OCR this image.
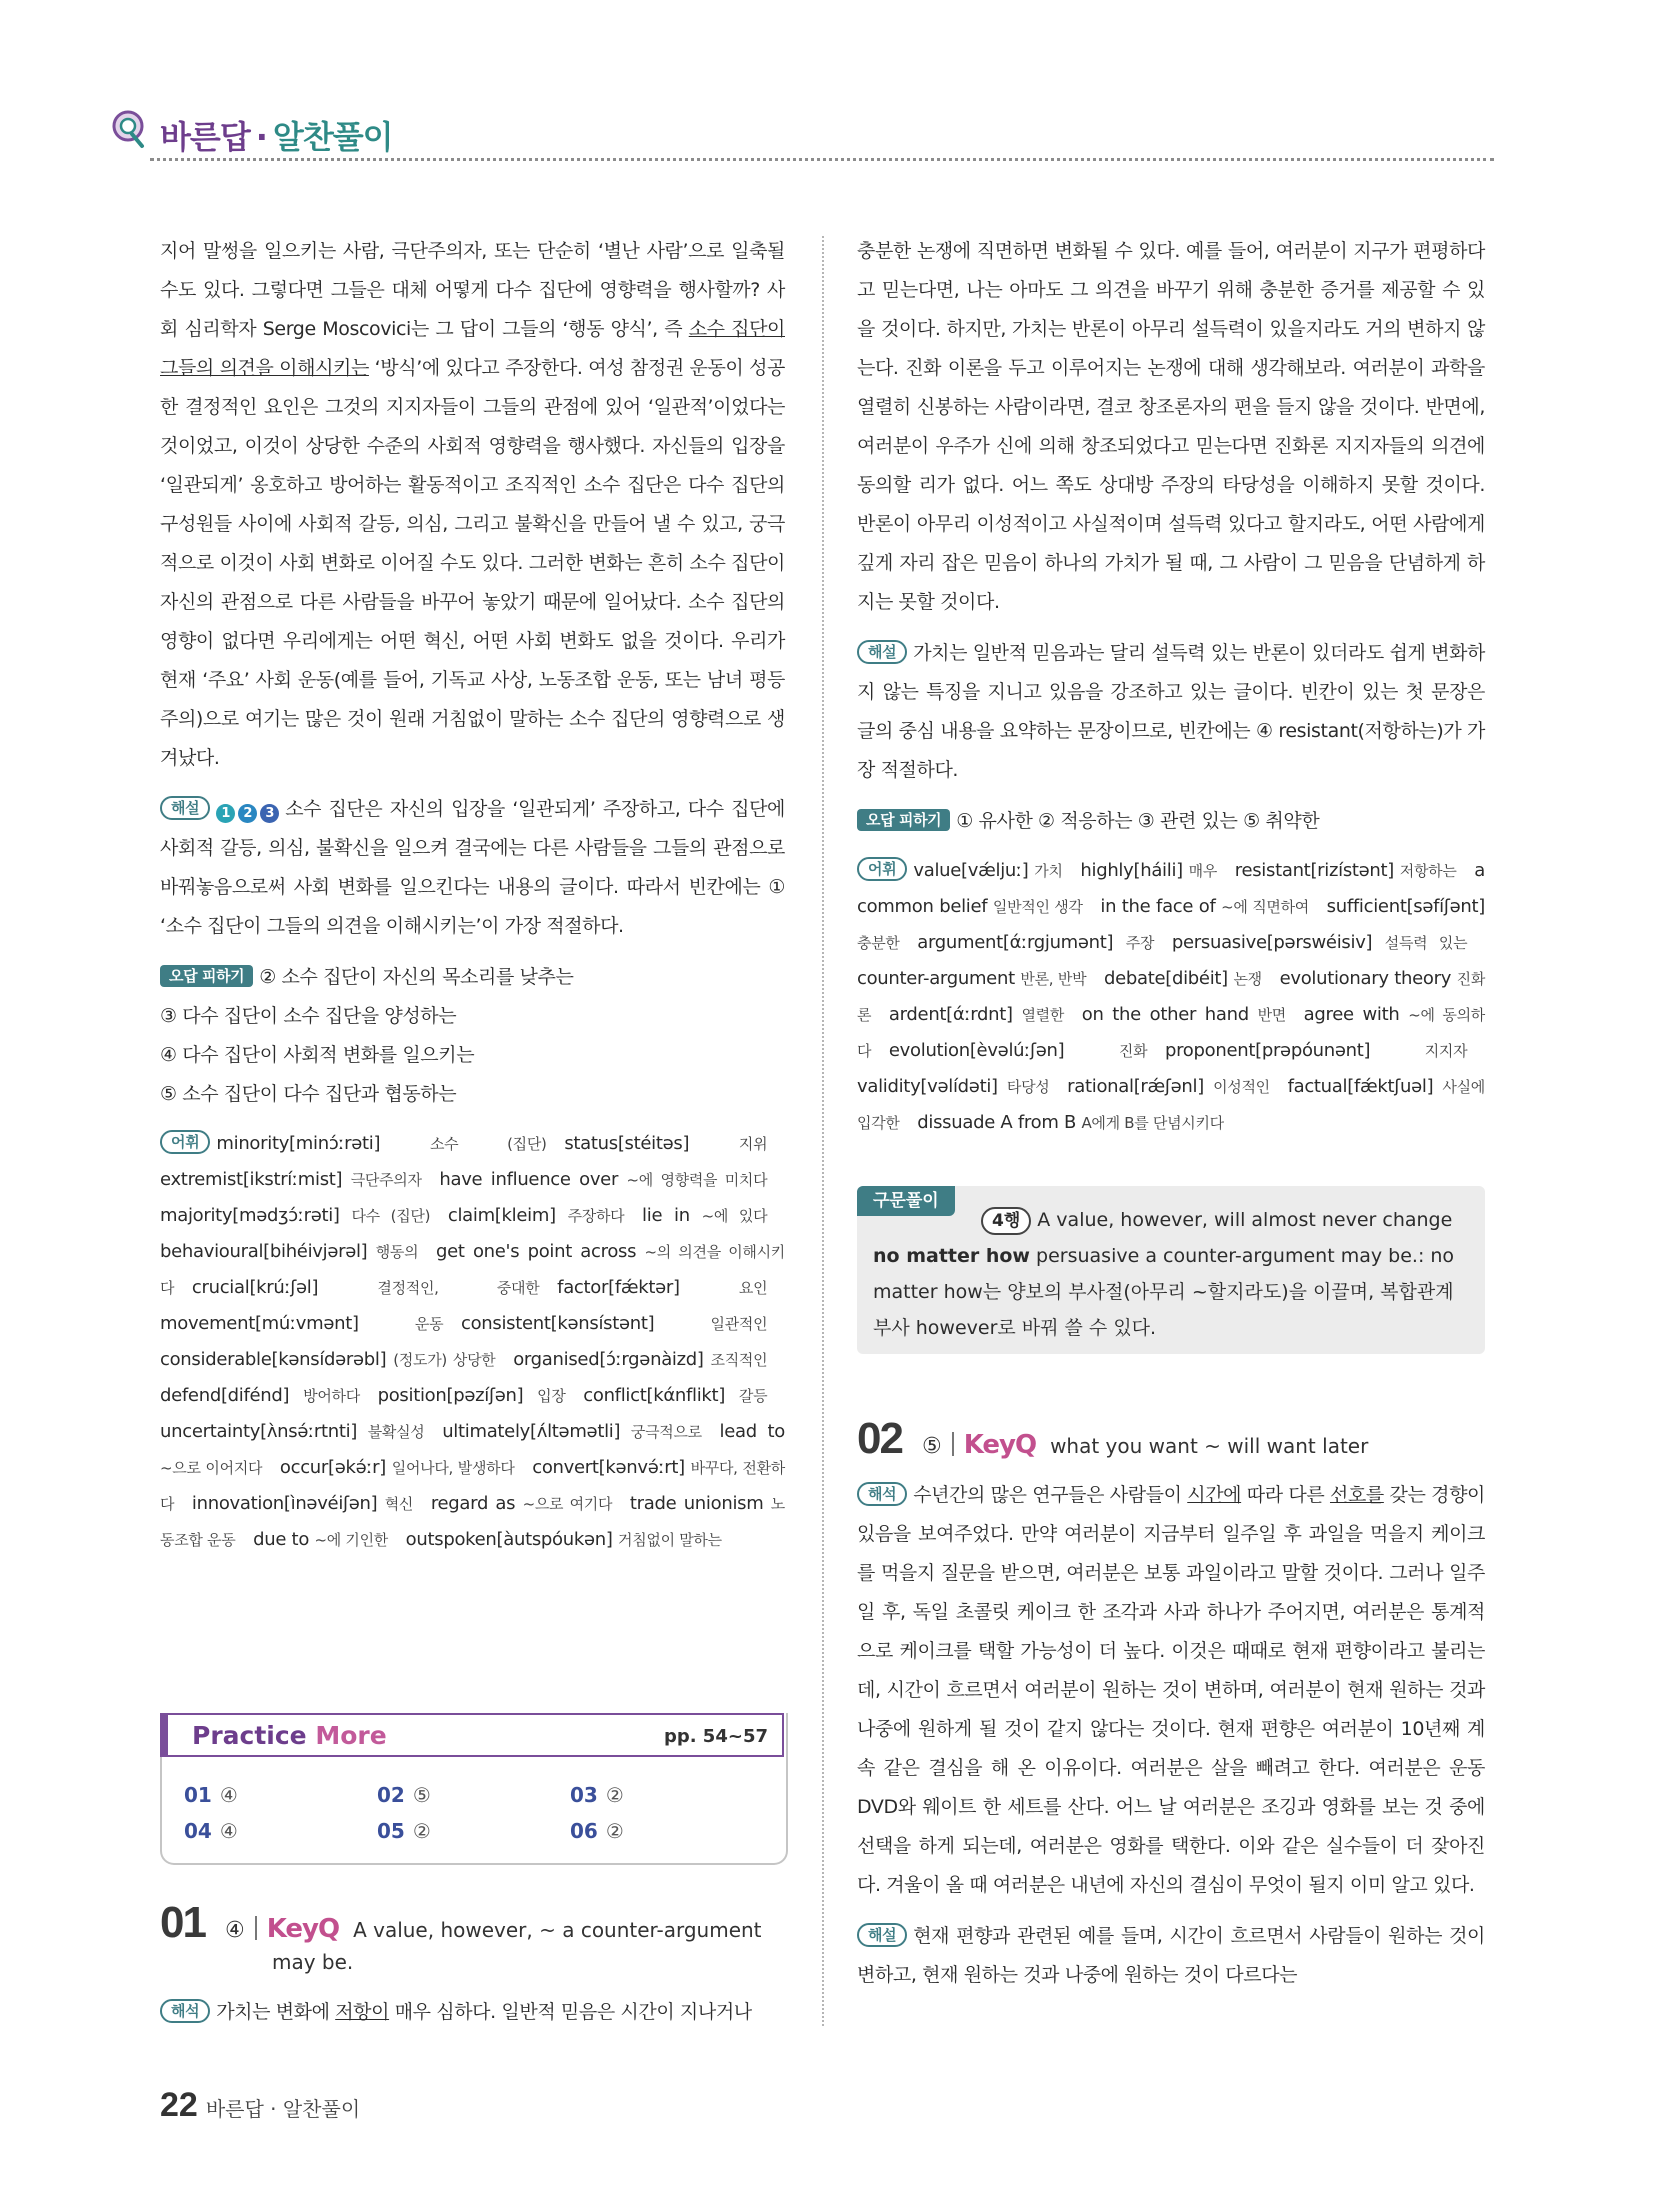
바른답 · 알찬풀이

지어 말썽을 일으키는 사람, 극단주의자, 또는 단순히 ‘별난 사람’으로 일축될 수도 있다. 그렇다면 그들은 대체 어떻게 다수 집단에 영향력을 행사할까? 사회 심리학자 Serge Moscovici는 그 답이 그들의 ‘행동 양식’, 즉 소수 집단이 그들의 의견을 이해시키는 ‘방식’에 있다고 주장한다. 여성 참정권 운동이 성공한 결정적인 요인은 그것의 지지자들이 그들의 관점에 있어 ‘일관적’이었다는 것이었고, 이것이 상당한 수준의 사회적 영향력을 행사했다. 자신들의 입장을 ‘일관되게’ 옹호하고 방어하는 활동적이고 조직적인 소수 집단은 다수 집단의 구성원들 사이에 사회적 갈등, 의심, 그리고 불확신을 만들어 낼 수 있고, 궁극적으로 이것이 사회 변화로 이어질 수도 있다. 그러한 변화는 흔히 소수 집단이 자신의 관점으로 다른 사람들을 바꾸어 놓았기 때문에 일어났다. 소수 집단의 영향이 없다면 우리에게는 어떤 혁신, 어떤 사회 변화도 없을 것이다. 우리가 현재 ‘주요’ 사회 운동(예를 들어, 기독교 사상, 노동조합 운동, 또는 남녀 평등주의)으로 여기는 많은 것이 원래 거침없이 말하는 소수 집단의 영향력으로 생겨났다.

해설	1	2	3 소수 집단은 자신의 입장을 ‘일관되게’ 주장하고, 다수 집단에 사회적 갈등, 의심, 불확신을 일으켜 결국에는 다른 사람들을 그들의 관점으로 바꿔놓음으로써 사회 변화를 일으킨다는 내용의 글이다. 따라서 빈칸에는 ① ‘소수 집단이 그들의 의견을 이해시키는’이 가장 적절하다.

오답 피하기 ② 소수 집단이 자신의 목소리를 낮추는
③ 다수 집단이 소수 집단을 양성하는
④ 다수 집단이 사회적 변화를 일으키는
⑤ 소수 집단이 다수 집단과 협동하는

어휘 minority[minɔ́ːrəti] 소수 (집단)  status[stéitəs] 지위 extremist[ikstríːmist] 극단주의자  have influence over ~에 영향력을 미치다 majority[mədʒɔ́ːrəti] 다수 (집단)  claim[kleim] 주장하다  lie in ~에 있다 behavioural[bihéivjərəl] 행동의  get one's point across ~의 의견을 이해시키다  crucial[krúːʃəl] 결정적인, 중대한  factor[fǽktər] 요인 movement[múːvmənt] 운동  consistent[kənsístənt] 일관적인 considerable[kənsídərəbl] (정도가) 상당한  organised[ɔ́ːrgənàizd] 조직적인 defend[difénd] 방어하다  position[pəzíʃən] 입장  conflict[kάnflikt] 갈등 uncertainty[ʌ̀nsə́ːrtnti] 불확실성  ultimately[ʌ́ltəmətli] 궁극적으로  lead to ~으로 이어지다  occur[əkə́ːr] 일어나다, 발생하다  convert[kənvə́ːrt] 바꾸다, 전환하다  innovation[ìnəvéiʃən] 혁신  regard as ~으로 여기다  trade unionism 노동조합 운동  due to ~에 기인한  outspoken[àutspóukən] 거침없이 말하는 

Practice More	pp. 54~57
01 ④	02 ⑤	03 ②
04 ④	05 ②	06 ②
01 ④ KeyQ A value, however, ~ a counter-argument
may be.

해석 가치는 변화에 저항이 매우 심하다. 일반적 믿음은 시간이 지나거나

충분한 논쟁에 직면하면 변화될 수 있다. 예를 들어, 여러분이 지구가 편평하다고 믿는다면, 나는 아마도 그 의견을 바꾸기 위해 충분한 증거를 제공할 수 있을 것이다. 하지만, 가치는 반론이 아무리 설득력이 있을지라도 거의 변하지 않는다. 진화 이론을 두고 이루어지는 논쟁에 대해 생각해보라. 여러분이 과학을 열렬히 신봉하는 사람이라면, 결코 창조론자의 편을 들지 않을 것이다. 반면에, 여러분이 우주가 신에 의해 창조되었다고 믿는다면 진화론 지지자들의 의견에 동의할 리가 없다. 어느 쪽도 상대방 주장의 타당성을 이해하지 못할 것이다. 반론이 아무리 이성적이고 사실적이며 설득력 있다고 할지라도, 어떤 사람에게 깊게 자리 잡은 믿음이 하나의 가치가 될 때, 그 사람이 그 믿음을 단념하게 하지는 못할 것이다.

해설 가치는 일반적 믿음과는 달리 설득력 있는 반론이 있더라도 쉽게 변화하지 않는 특징을 지니고 있음을 강조하고 있는 글이다. 빈칸이 있는 첫 문장은 글의 중심 내용을 요약하는 문장이므로, 빈칸에는 ④ resistant(저항하는)가 가장 적절하다.

오답 피하기 ① 유사한 ② 적응하는 ③ 관련 있는 ⑤ 취약한

어휘 value[vǽljuː] 가치  highly[háili] 매우  resistant[rizístənt] 저항하는  a common belief 일반적인 생각  in the face of ~에 직면하여  sufficient[səfíʃənt] 충분한  argument[άːrgjumənt] 주장  persuasive[pərswéisiv] 설득력 있는 counter-argument 반론, 반박  debate[dibéit] 논쟁  evolutionary theory 진화론  ardent[άːrdnt] 열렬한  on the other hand 반면  agree with ~에 동의하다  evolution[èvəlúːʃən] 진화  proponent[prəpóunənt] 지지자 validity[vəlídəti] 타당성  rational[rǽʃənl] 이성적인  factual[fǽktʃuəl] 사실에 입각한  dissuade A from B A에게 B를 단념시키다 

구문풀이
4행 A value, however, will almost never change no matter how persuasive a counter-argument may be.: no matter how는 양보의 부사절(아무리 ~할지라도)을 이끌며, 복합관계부사 however로 바꿔 쓸 수 있다.
02 ⑤ KeyQ what you want ~ will want later

해석 수년간의 많은 연구들은 사람들이 시간에 따라 다른 선호를 갖는 경향이 있음을 보여주었다. 만약 여러분이 지금부터 일주일 후 과일을 먹을지 케이크를 먹을지 질문을 받으면, 여러분은 보통 과일이라고 말할 것이다. 그러나 일주일 후, 독일 초콜릿 케이크 한 조각과 사과 하나가 주어지면, 여러분은 통계적으로 케이크를 택할 가능성이 더 높다. 이것은 때때로 현재 편향이라고 불리는데, 시간이 흐르면서 여러분이 원하는 것이 변하며, 여러분이 현재 원하는 것과 나중에 원하게 될 것이 같지 않다는 것이다. 현재 편향은 여러분이 10년째 계속 같은 결심을 해 온 이유이다. 여러분은 살을 빼려고 한다. 여러분은 운동 DVD와 웨이트 한 세트를 산다. 어느 날 여러분은 조깅과 영화를 보는 것 중에 선택을 하게 되는데, 여러분은 영화를 택한다. 이와 같은 실수들이 더 잦아진다. 겨울이 올 때 여러분은 내년에 자신의 결심이 무엇이 될지 이미 알고 있다.

해설 현재 편향과 관련된 예를 들며, 시간이 흐르면서 사람들이 원하는 것이 변하고, 현재 원하는 것과 나중에 원하는 것이 다르다는

22 바른답 · 알찬풀이
